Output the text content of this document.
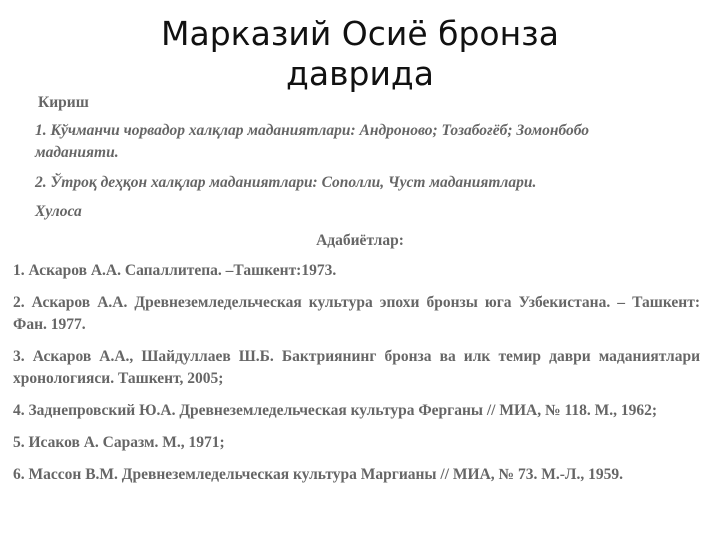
Марказий Осиё бронза
даврида
Кириш
1. Кўчманчи чорвадор халқлар маданиятлари: Андроново; Тозабоғёб; Зомонбобо маданияти.
2. Ўтроқ деҳқон халқлар маданиятлари: Сополли, Чуст маданиятлари.
Хулоса
Адабиётлар:
1. Аскаров А.А. Сапаллитепа. –Ташкент:1973.
2. Аскаров А.А. Древнеземледельческая культура эпохи бронзы юга Узбекистана. – Ташкент: Фан. 1977.
3. Аскаров А.А., Шайдуллаев Ш.Б. Бактриянинг бронза ва илк темир даври маданиятлари хронологияси. Ташкент, 2005;
4. Заднепровский Ю.А. Древнеземледельческая культура Ферганы // МИА, № 118. М., 1962;
5. Исаков А. Саразм. М., 1971;
6. Массон В.М. Древнеземледельческая культура Маргианы // МИА, № 73. М.-Л., 1959.
